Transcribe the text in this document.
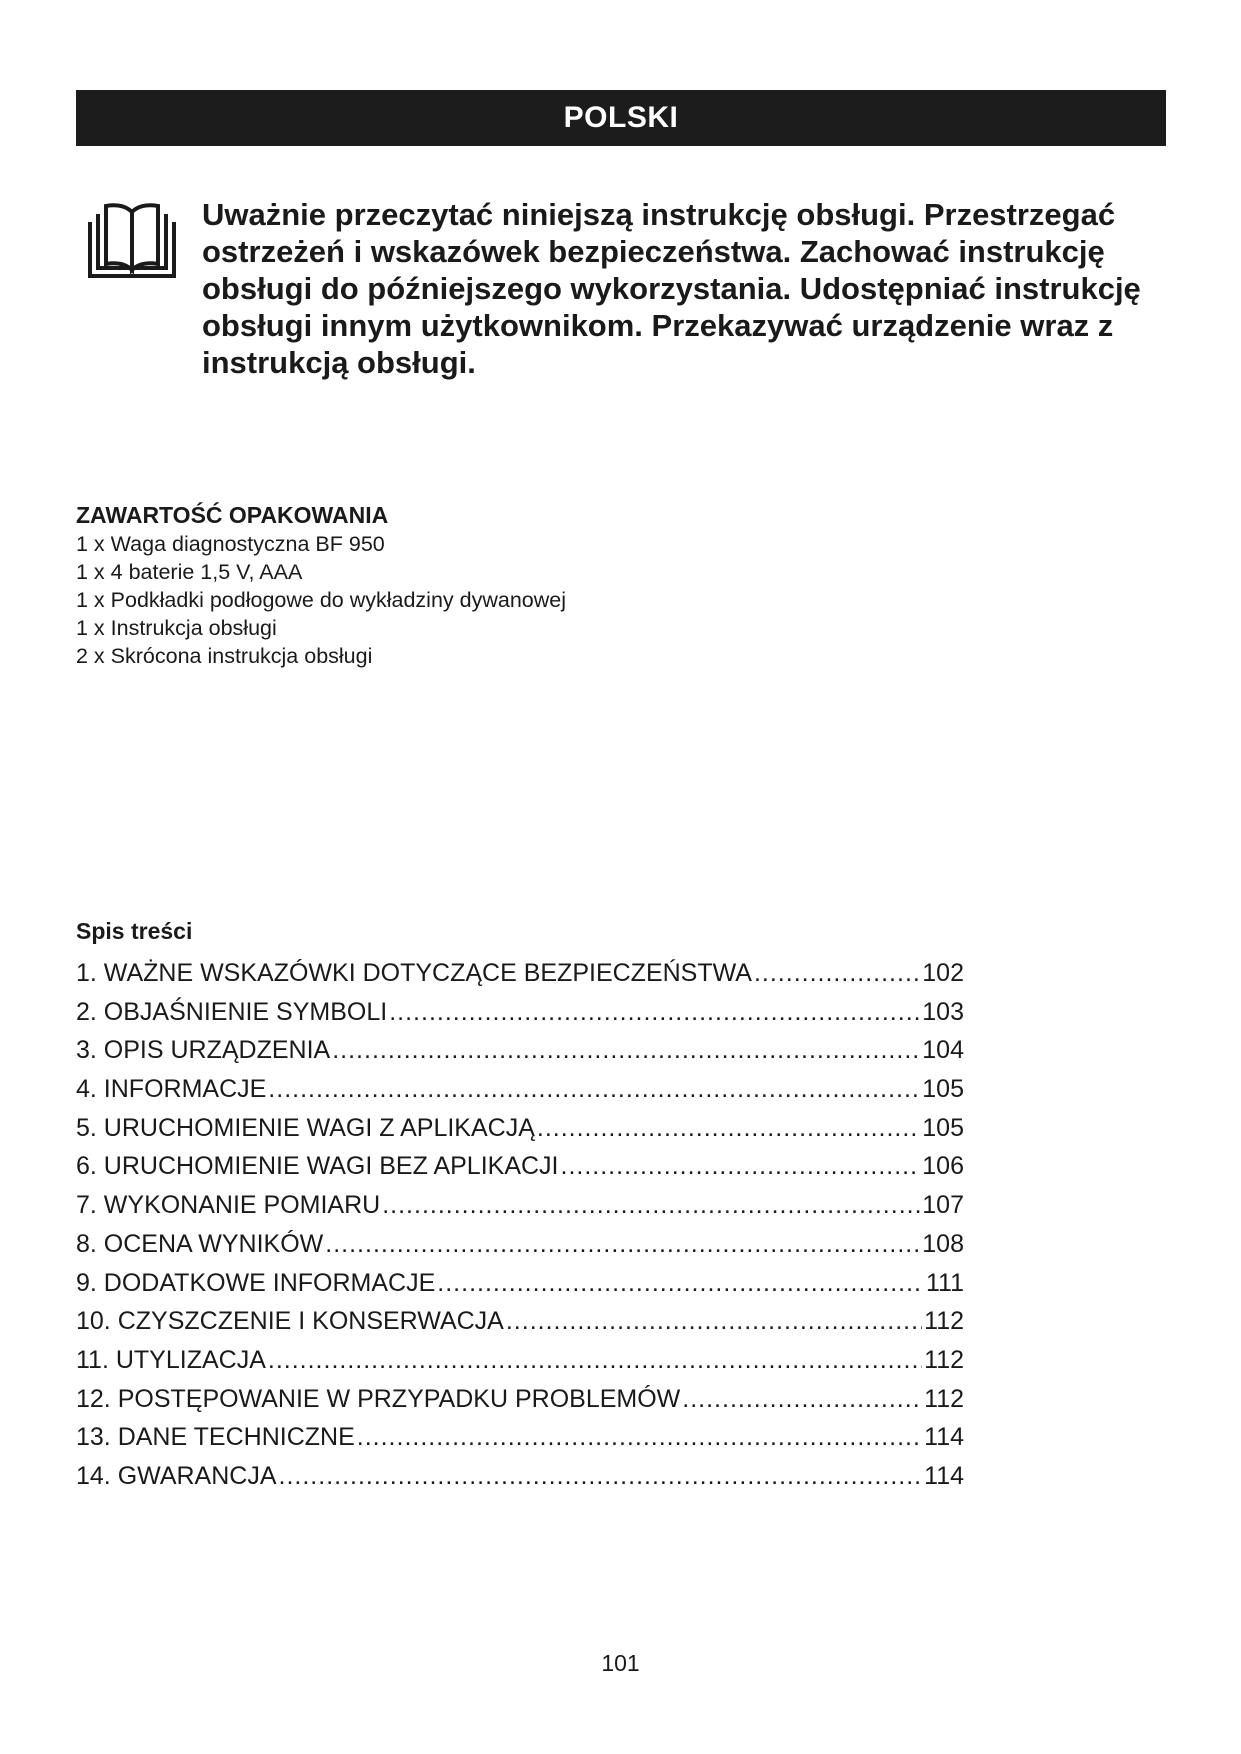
POLSKI
Uważnie przeczytać niniejszą instrukcję obsługi. Przestrzegać ostrzeżeń i wskazówek bezpieczeństwa. Zachować instrukcję obsługi do późniejszego wykorzystania. Udostępniać instrukcję obsługi innym użytkownikom. Przekazywać urządzenie wraz z instrukcją obsługi.
ZAWARTOŚĆ OPAKOWANIA
1 x Waga diagnostyczna BF 950
1 x 4 baterie 1,5 V, AAA
1 x Podkładki podłogowe do wykładziny dywanowej
1 x Instrukcja obsługi
2 x Skrócona instrukcja obsługi
Spis treści
1. WAŻNE WSKAZÓWKI DOTYCZĄCE BEZPIECZEŃSTWA .....	102
2. OBJAŚNIENIE SYMBOLI .....	103
3. OPIS URZĄDZENIA .....	104
4. INFORMACJE .....	105
5. URUCHOMIENIE WAGI Z APLIKACJĄ .....	105
6. URUCHOMIENIE WAGI BEZ APLIKACJI .....	106
7. WYKONANIE POMIARU .....	107
8. OCENA WYNIKÓW .....	108
9. DODATKOWE INFORMACJE .....	111
10. CZYSZCZENIE I KONSERWACJA .....	112
11. UTYLIZACJA .....	112
12. POSTĘPOWANIE W PRZYPADKU PROBLEMÓW .....	112
13. DANE TECHNICZNE .....	114
14. GWARANCJA .....	114
101
